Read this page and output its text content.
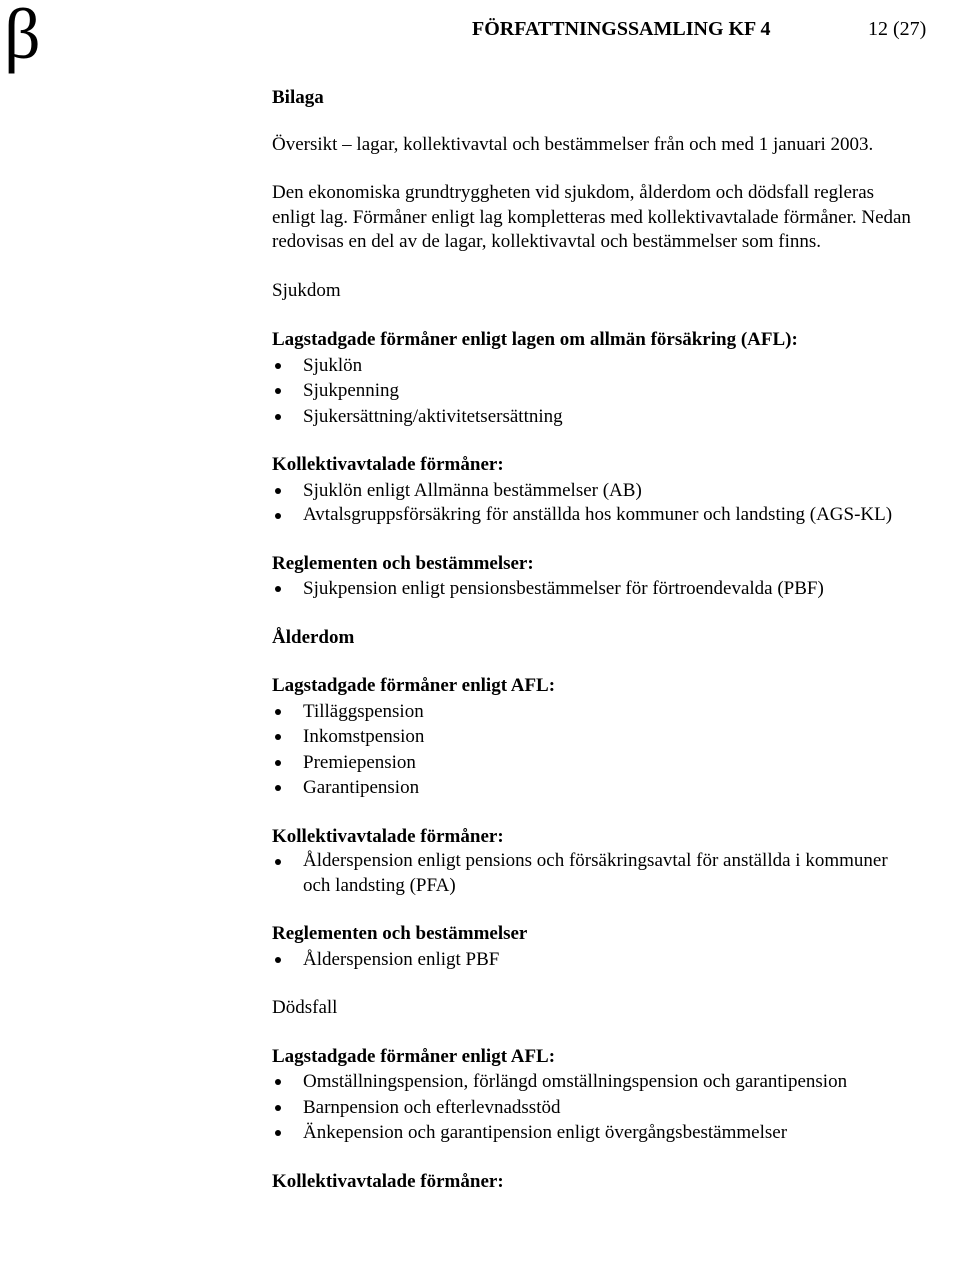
β	FÖRFATTNINGSSAMLING KF 4	12 (27)

Bilaga

Översikt – lagar, kollektivavtal och bestämmelser från och med 1 januari 2003.

Den ekonomiska grundtryggheten vid sjukdom, ålderdom och dödsfall regleras enligt lag. Förmåner enligt lag kompletteras med kollektivavtalade förmåner. Nedan redovisas en del av de lagar, kollektivavtal och bestämmelser som finns.

Sjukdom

Lagstadgade förmåner enligt lagen om allmän försäkring (AFL):

Sjuklön
Sjukpenning
Sjukersättning/aktivitetsersättning

Kollektivavtalade förmåner:

Sjuklön enligt Allmänna bestämmelser (AB)
Avtalsgruppsförsäkring för anställda hos kommuner och landsting (AGS-KL)

Reglementen och bestämmelser:

Sjukpension enligt pensionsbestämmelser för förtroendevalda (PBF)

Ålderdom

Lagstadgade förmåner enligt AFL:

Tilläggspension
Inkomstpension
Premiepension
Garantipension

Kollektivavtalade förmåner:

Ålderspension enligt pensions och försäkringsavtal för anställda i kommuner och landsting (PFA)

Reglementen och bestämmelser

Ålderspension enligt PBF

Dödsfall

Lagstadgade förmåner enligt AFL:

Omställningspension, förlängd omställningspension och garantipension
Barnpension och efterlevnadsstöd
Änkepension och garantipension enligt övergångsbestämmelser

Kollektivavtalade förmåner:
